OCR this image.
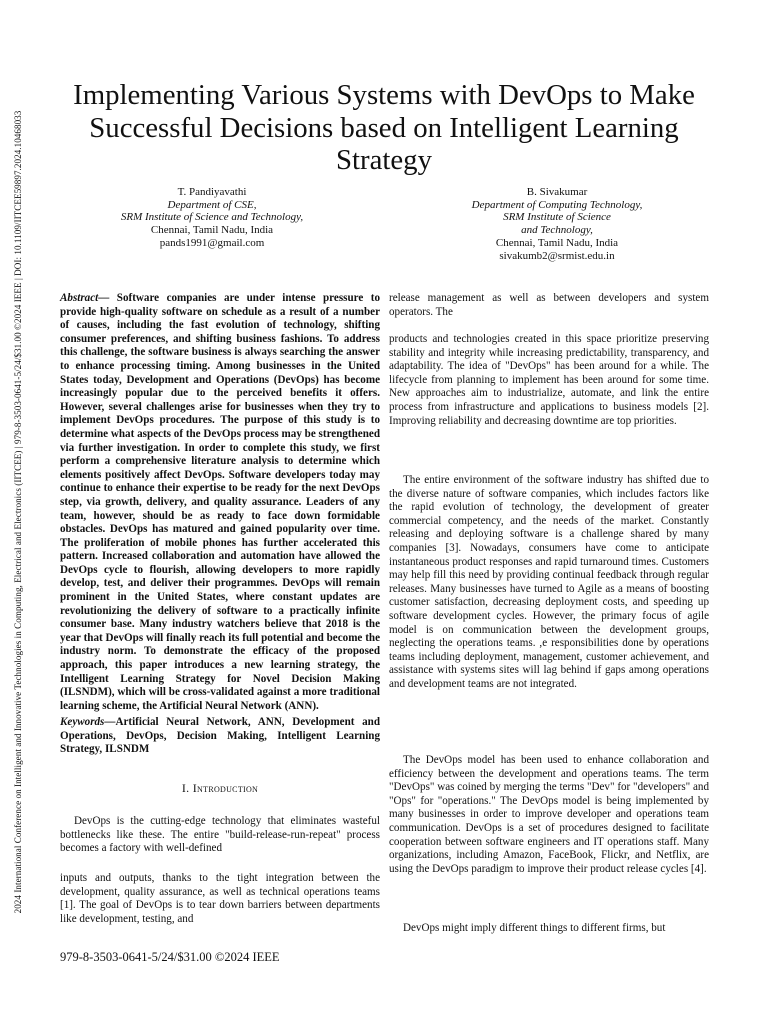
2024 International Conference on Intelligent and Innovative Technologies in Computing, Electrical and Electronics (IITCEE) | 979-8-3503-0641-5/24/$31.00 ©2024 IEEE | DOI: 10.1109/IITCEE59897.2024.10468033
Implementing Various Systems with DevOps to Make Successful Decisions based on Intelligent Learning Strategy
T. Pandiyavathi
Department of CSE,
SRM Institute of Science and Technology,
Chennai, Tamil Nadu, India
pands1991@gmail.com
B. Sivakumar
Department of Computing Technology,
SRM Institute of Science
and Technology,
Chennai, Tamil Nadu, India
sivakumb2@srmist.edu.in

Abstract— Software companies are under intense pressure to provide high-quality software on schedule as a result of a number of causes, including the fast evolution of technology, shifting consumer preferences, and shifting business fashions. To address this challenge, the software business is always searching the answer to enhance processing timing. Among businesses in the United States today, Development and Operations (DevOps) has become increasingly popular due to the perceived benefits it offers. However, several challenges arise for businesses when they try to implement DevOps procedures. The purpose of this study is to determine what aspects of the DevOps process may be strengthened via further investigation. In order to complete this study, we first perform a comprehensive literature analysis to determine which elements positively affect DevOps. Software developers today may continue to enhance their expertise to be ready for the next DevOps step, via growth, delivery, and quality assurance. Leaders of any team, however, should be as ready to face down formidable obstacles. DevOps has matured and gained popularity over time. The proliferation of mobile phones has further accelerated this pattern. Increased collaboration and automation have allowed the DevOps cycle to flourish, allowing developers to more rapidly develop, test, and deliver their programmes. DevOps will remain prominent in the United States, where constant updates are revolutionizing the delivery of software to a practically infinite consumer base. Many industry watchers believe that 2018 is the year that DevOps will finally reach its full potential and become the industry norm. To demonstrate the efficacy of the proposed approach, this paper introduces a new learning strategy, the Intelligent Learning Strategy for Novel Decision Making (ILSNDM), which will be cross-validated against a more traditional learning scheme, the Artificial Neural Network (ANN).

Keywords—Artificial Neural Network, ANN, Development and Operations, DevOps, Decision Making, Intelligent Learning Strategy, ILSNDM

I. Introduction

DevOps is the cutting-edge technology that eliminates wasteful bottlenecks like these. The entire "build-release-run-repeat" process becomes a factory with well-defined

inputs and outputs, thanks to the tight integration between the development, quality assurance, as well as technical operations teams [1]. The goal of DevOps is to tear down barriers between departments like development, testing, and

release management as well as between developers and system operators. The

products and technologies created in this space prioritize preserving stability and integrity while increasing predictability, transparency, and adaptability. The idea of "DevOps" has been around for a while. The lifecycle from planning to implement has been around for some time. New approaches aim to industrialize, automate, and link the entire process from infrastructure and applications to business models [2]. Improving reliability and decreasing downtime are top priorities.

The entire environment of the software industry has shifted due to the diverse nature of software companies, which includes factors like the rapid evolution of technology, the development of greater commercial competency, and the needs of the market. Constantly releasing and deploying software is a challenge shared by many companies [3]. Nowadays, consumers have come to anticipate instantaneous product responses and rapid turnaround times. Customers may help fill this need by providing continual feedback through regular releases. Many businesses have turned to Agile as a means of boosting customer satisfaction, decreasing deployment costs, and speeding up software development cycles. However, the primary focus of agile model is on communication between the development groups, neglecting the operations teams. ,e responsibilities done by operations teams including deployment, management, customer achievement, and assistance with systems sites will lag behind if gaps among operations and development teams are not integrated.

The DevOps model has been used to enhance collaboration and efficiency between the development and operations teams. The term "DevOps" was coined by merging the terms "Dev" for "developers" and "Ops" for "operations." The DevOps model is being implemented by many businesses in order to improve developer and operations team communication. DevOps is a set of procedures designed to facilitate cooperation between software engineers and IT operations staff. Many organizations, including Amazon, FaceBook, Flickr, and Netflix, are using the DevOps paradigm to improve their product release cycles [4].

DevOps might imply different things to different firms, but

979-8-3503-0641-5/24/$31.00 ©2024 IEEE
